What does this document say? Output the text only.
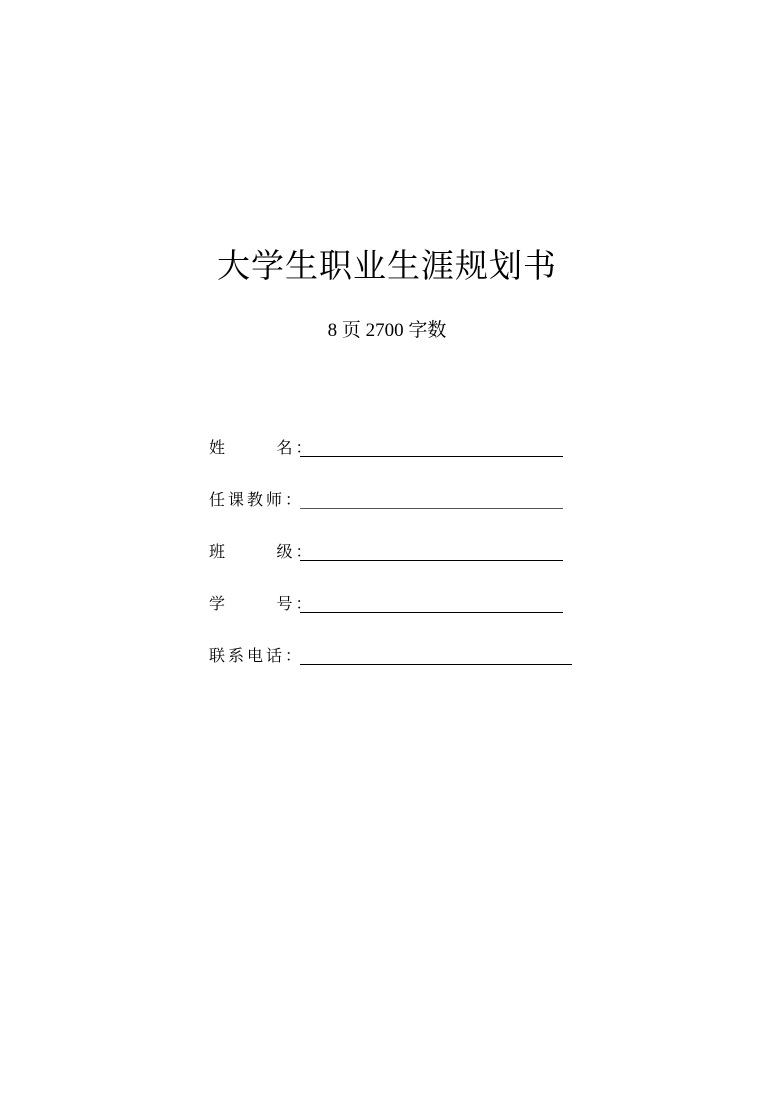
大学生职业生涯规划书
8 页 2700 字数
姓      名：
任课教师：
班      级：
学      号：
联系电话：
